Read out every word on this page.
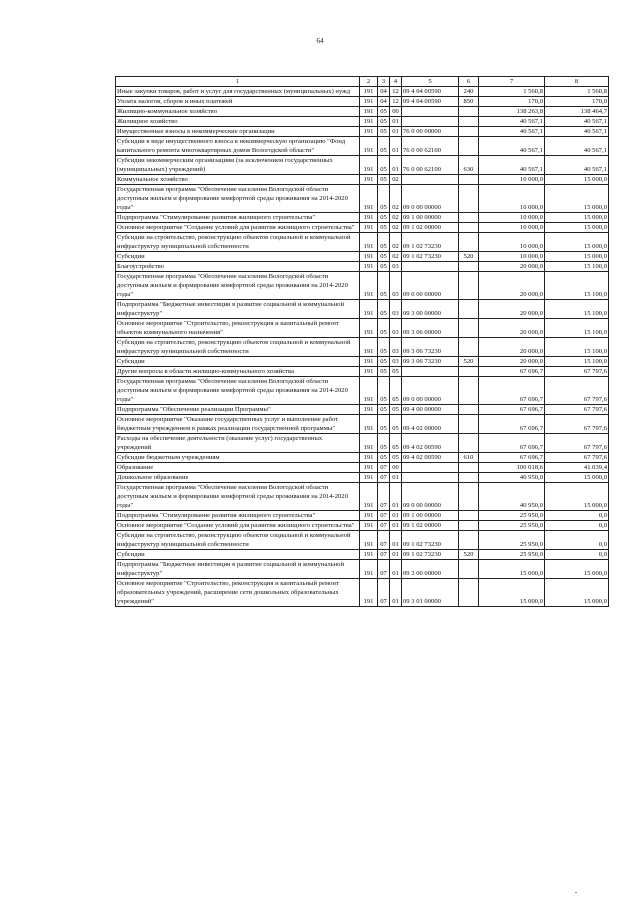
64
1	2	3	4	5	6	7	8
Иные закупки товаров, работ и услуг для государственных (муниципальных) нужд	191	04	12	09 4 04 00590	240	1 560,8	1 560,8
Уплата налогов, сборов и иных платежей	191	04	12	09 4 04 00590	850	170,0	170,0
Жилищно-коммунальное хозяйство	191	05	00			138 263,8	138 464,7
Жилищное хозяйство	191	05	01			40 567,1	40 567,1
Имущественные взносы в некоммерческие организации	191	05	01	76 0 00 00000		40 567,1	40 567,1
Субсидии в виде имущественного взноса в некоммерческую организацию "Фонд капитального ремонта многоквартирных домов Вологодской области"	191	05	01	76 0 00 62100		40 567,1	40 567,1
Субсидии некоммерческим организациям (за исключением государственных (муниципальных) учреждений)	191	05	01	76 0 00 62100	630	40 567,1	40 567,1
Коммунальное хозяйство	191	05	02			10 000,0	15 000,0
Государственная программа "Обеспечение населения Вологодской области доступным жильем и формирование комфортной среды проживания на 2014-2020 годы"	191	05	02	09 0 00 00000		10 000,0	15 000,0
Подпрограмма "Стимулирование развития жилищного строительства"	191	05	02	09 1 00 00000		10 000,0	15 000,0
Основное мероприятие "Создание условий для развития жилищного строительства"	191	05	02	09 1 02 00000		10 000,0	15 000,0
Субсидии на строительство, реконструкцию объектов социальной и коммунальной инфраструктур муниципальной собственности	191	05	02	09 1 02 73230		10 000,0	15 000,0
Субсидии	191	05	02	09 1 02 73230	520	10 000,0	15 000,0
Благоустройство	191	05	03			20 000,0	15 100,0
Государственная программа "Обеспечение населения Вологодской области доступным жильем и формирование комфортной среды проживания на 2014-2020 годы"	191	05	03	09 0 00 00000		20 000,0	15 100,0
Подпрограмма "Бюджетные инвестиции в развитие социальной и коммунальной инфраструктур"	191	05	03	09 3 00 00000		20 000,0	15 100,0
Основное мероприятие "Строительство, реконструкция и капитальный ремонт объектов коммунального назначения"	191	05	03	09 3 06 00000		20 000,0	15 100,0
Субсидии на строительство, реконструкцию объектов социальной и коммунальной инфраструктур муниципальной собственности	191	05	03	09 3 06 73230		20 000,0	15 100,0
Субсидии	191	05	03	09 3 06 73230	520	20 000,0	15 100,0
Другие вопросы в области жилищно-коммунального хозяйства	191	05	05			67 696,7	67 797,6
Государственная программа "Обеспечение населения Вологодской области доступным жильем и формирование комфортной среды проживания на 2014-2020 годы"	191	05	05	09 0 00 00000		67 696,7	67 797,6
Подпрограмма "Обеспечение реализации Программы"	191	05	05	09 4 00 00000		67 696,7	67 797,6
Основное мероприятие "Оказание государственных услуг и выполнение работ бюджетным учреждением в рамках реализации государственной программы"	191	05	05	09 4 02 00000		67 696,7	67 797,6
Расходы на обеспечение деятельности (оказание услуг) государственных учреждений	191	05	05	09 4 02 00590		67 696,7	67 797,6
Субсидии бюджетным учреждениям	191	05	05	09 4 02 00590	610	67 696,7	67 797,6
Образование	191	07	00			100 018,6	41 039,4
Дошкольное образование	191	07	01			40 950,0	15 000,0
Государственная программа "Обеспечение населения Вологодской области доступным жильем и формирование комфортной среды проживания на 2014-2020 годы"	191	07	01	09 0 00 00000		40 950,0	15 000,0
Подпрограмма "Стимулирование развития жилищного строительства"	191	07	01	09 1 00 00000		25 950,0	0,0
Основное мероприятие "Создание условий для развития жилищного строительства"	191	07	01	09 1 02 00000		25 950,0	0,0
Субсидии на строительство, реконструкцию объектов социальной и коммунальной инфраструктур муниципальной собственности	191	07	01	09 1 02 73230		25 950,0	0,0
Субсидии	191	07	01	09 1 02 73230	520	25 950,0	0,0
Подпрограмма "Бюджетные инвестиции в развитие социальной и коммунальной инфраструктур"	191	07	01	09 3 00 00000		15 000,0	15 000,0
Основное мероприятие "Строительство, реконструкция и капитальный ремонт образовательных учреждений, расширение сети дошкольных образовательных учреждений"	191	07	01	09 3 01 00000		15 000,0	15 000,0
